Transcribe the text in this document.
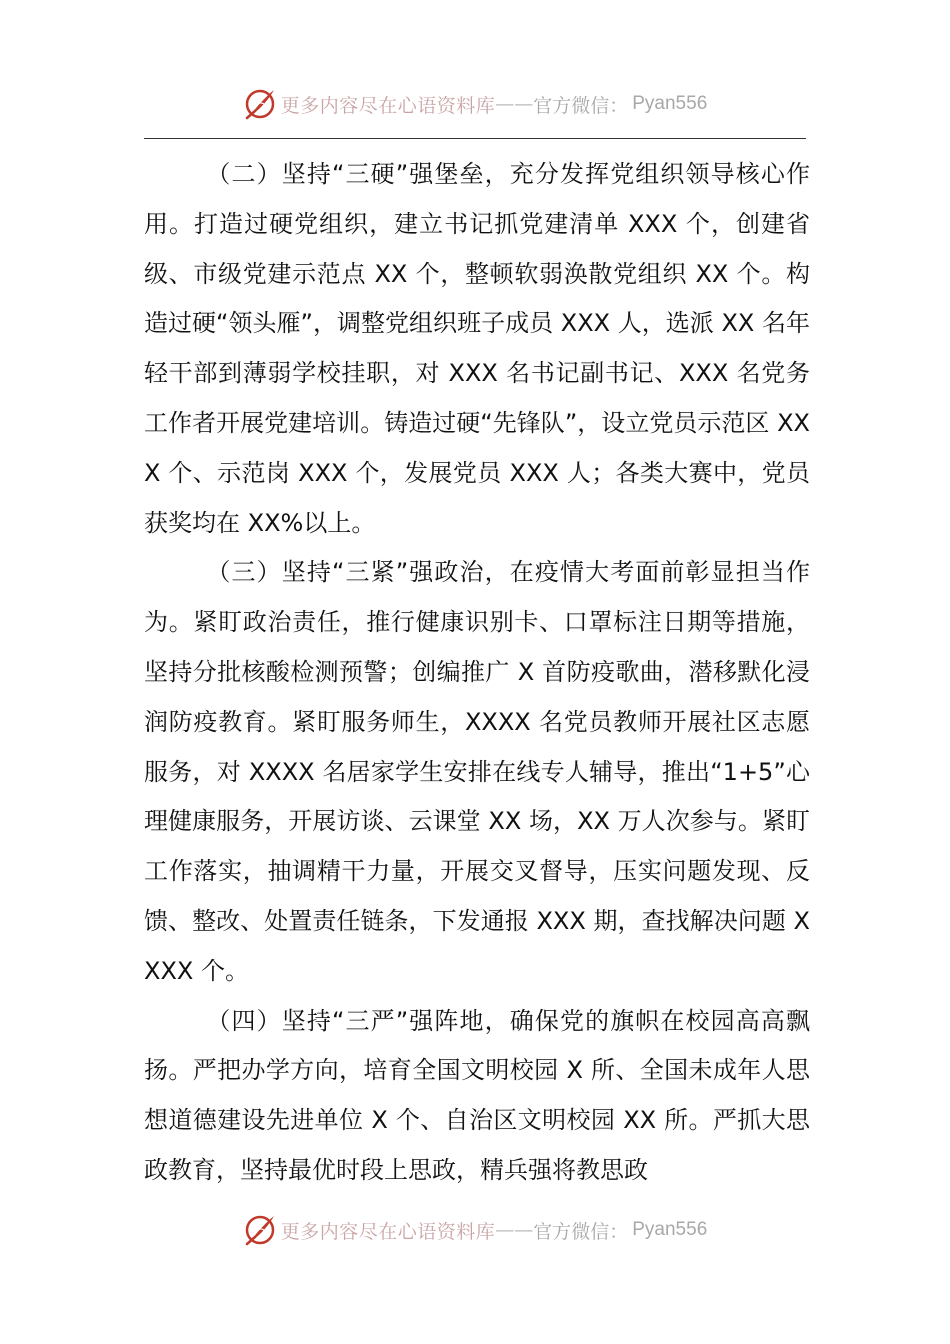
更多内容尽在心语资料库 —— 官方微信： Pyan556

（二）坚持“三硬”强堡垒，充分发挥党组织领导核心作用。打造过硬党组织，建立书记抓党建清单 XXX 个，创建省级、市级党建示范点 XX 个，整顿软弱涣散党组织 XX 个。构造过硬“领头雁”，调整党组织班子成员 XXX 人，选派 XX 名年轻干部到薄弱学校挂职，对 XXX 名书记副书记、XXX 名党务工作者开展党建培训。铸造过硬“先锋队”，设立党员示范区 XXX 个、示范岗 XXX 个，发展党员 XXX 人；各类大赛中，党员获奖均在 XX%以上。

（三）坚持“三紧”强政治，在疫情大考面前彰显担当作为。紧盯政治责任，推行健康识别卡、口罩标注日期等措施，坚持分批核酸检测预警；创编推广 X 首防疫歌曲，潜移默化浸润防疫教育。紧盯服务师生，XXXX 名党员教师开展社区志愿服务，对 XXXX 名居家学生安排在线专人辅导，推出“1+5”心理健康服务，开展访谈、云课堂 XX 场，XX 万人次参与。紧盯工作落实，抽调精干力量，开展交叉督导，压实问题发现、反馈、整改、处置责任链条，下发通报 XXX 期，查找解决问题 XXXX 个。

（四）坚持“三严”强阵地，确保党的旗帜在校园高高飘扬。严把办学方向，培育全国文明校园 X 所、全国未成年人思想道德建设先进单位 X 个、自治区文明校园 XX 所。严抓大思政教育，坚持最优时段上思政，精兵强将教思政

更多内容尽在心语资料库 —— 官方微信： Pyan556
